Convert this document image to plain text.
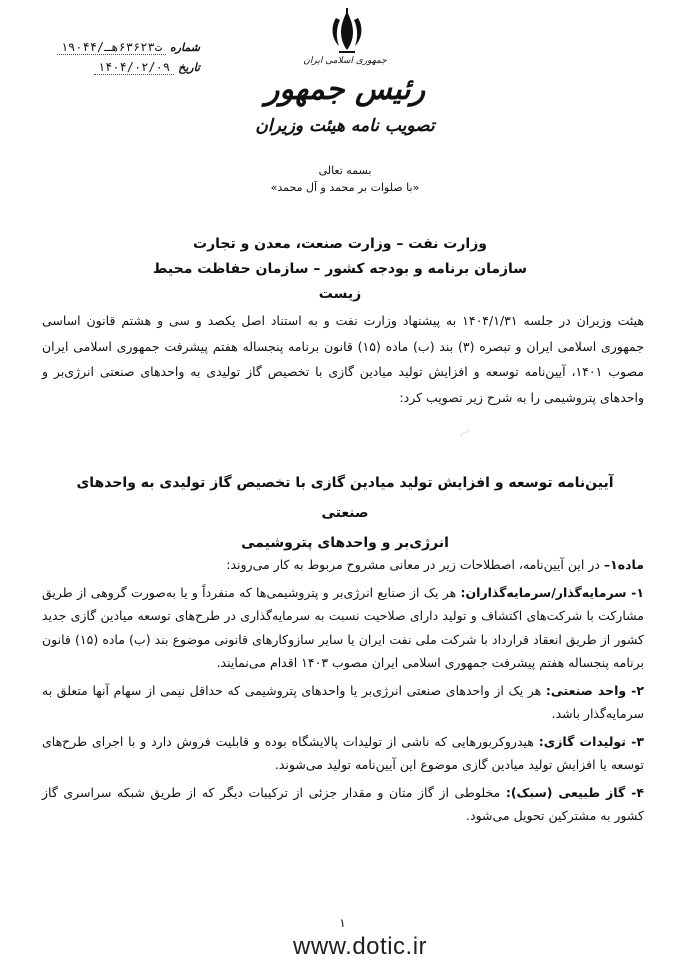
جمهوری اسلامی ایران
رئیس جمهور
تصویب نامه هیئت وزیران
۱۹۰۴۴/ت۶۳۶۲۳هـ شماره
۱۴۰۴/۰۲/۰۹ تاریخ
بسمه تعالی
«با صلوات بر محمد و آل محمد»
وزارت نفت – وزارت صنعت، معدن و تجارت
سازمان برنامه و بودجه کشور – سازمان حفاظت محیط زیست
هیئت وزیران در جلسه ۱۴۰۴/۱/۳۱ به پیشنهاد وزارت نفت و به استناد اصل یکصد و سی و هشتم قانون اساسی جمهوری اسلامی ایران و تبصره (۳) بند (ب) ماده (۱۵) قانون برنامه پنجساله هفتم پیشرفت جمهوری اسلامی ایران مصوب ۱۴۰۱، آیین‌نامه توسعه و افزایش تولید میادین گازی با تخصیص گاز تولیدی به واحدهای صنعتی انرژی‌بر و واحدهای پتروشیمی را به شرح زیر تصویب کرد:
~
آیین‌نامه توسعه و افزایش تولید میادین گازی با تخصیص گاز تولیدی به واحدهای صنعتی
انرژی‌بر و واحدهای پتروشیمی

ماده۱– در این آیین‌نامه، اصطلاحات زیر در معانی مشروح مربوط به کار می‌روند:

۱- سرمایه‌گذار/سرمایه‌گذاران: هر یک از صنایع انرژی‌بر و پتروشیمی‌ها که منفرداً و یا به‌صورت گروهی از طریق مشارکت با شرکت‌های اکتشاف و تولید دارای صلاحیت نسبت به سرمایه‌گذاری در طرح‌های توسعه میادین گازی جدید کشور از طریق انعقاد قرارداد با شرکت ملی نفت ایران یا سایر سازوکارهای قانونی موضوع بند (ب) ماده (۱۵) قانون برنامه پنجساله هفتم پیشرفت جمهوری اسلامی ایران مصوب ۱۴۰۳ اقدام می‌نمایند.

۲- واحد صنعتی: هر یک از واحدهای صنعتی انرژی‌بر یا واحدهای پتروشیمی که حداقل نیمی از سهام آنها متعلق به سرمایه‌گذار باشد.

۳- تولیدات گازی: هیدروکربورهایی که ناشی از تولیدات پالایشگاه بوده و قابلیت فروش دارد و با اجرای طرح‌های توسعه یا افزایش تولید میادین گازی موضوع این آیین‌نامه تولید می‌شوند.

۴- گاز طبیعی (سبک): مخلوطی از گاز متان و مقدار جزئی از ترکیبات دیگر که از طریق شبکه سراسری گاز کشور به مشترکین تحویل می‌شود.

۱
www.dotic.ir
